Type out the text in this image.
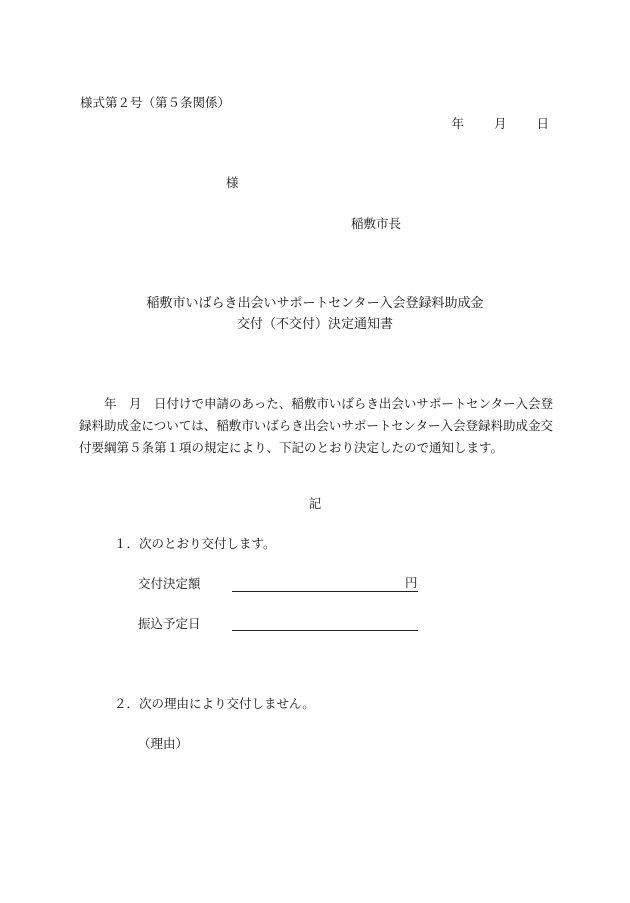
様式第２号（第５条関係）
年 月 日
様
稲敷市長
稲敷市いばらき出会いサポートセンター入会登録料助成金
交付（不交付）決定通知書
年　月　日付けで申請のあった、稲敷市いばらき出会いサポートセンター入会登録料助成金については、稲敷市いばらき出会いサポートセンター入会登録料助成金交付要綱第５条第１項の規定により、下記のとおり決定したので通知します。
記
１．次のとおり交付します。
交付決定額	円
振込予定日
２．次の理由により交付しません。
（理由）
